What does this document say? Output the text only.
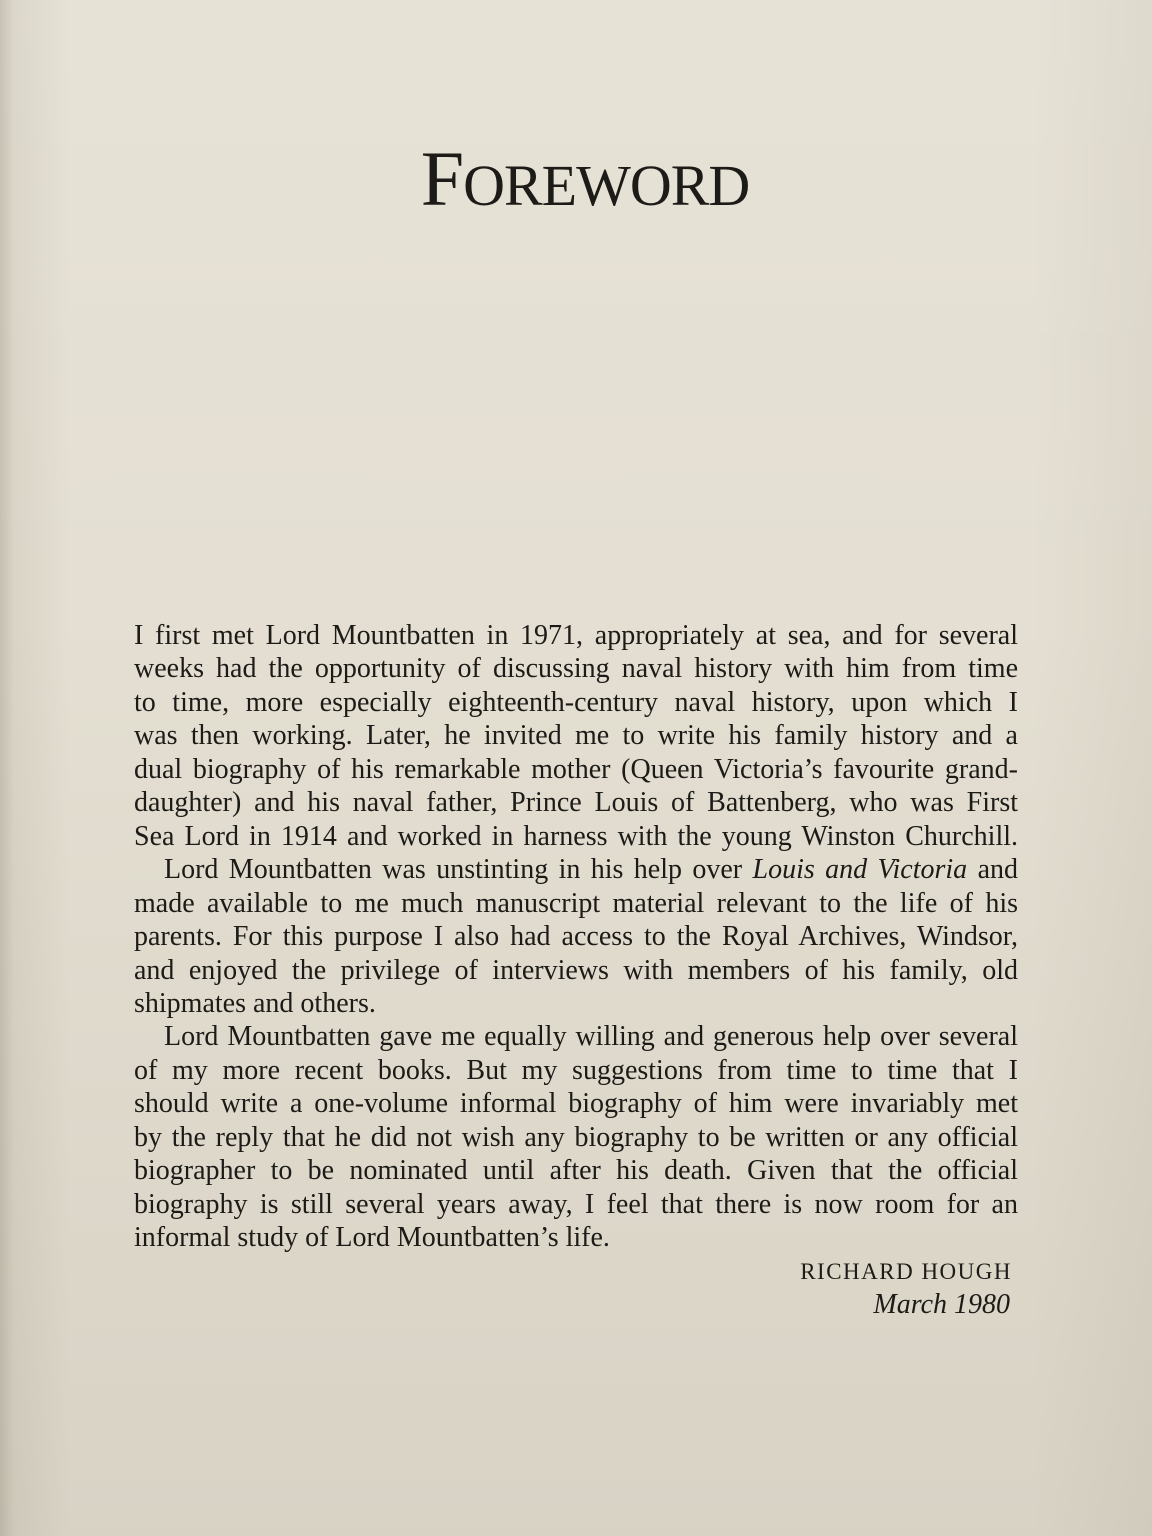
FOREWORD
I first met Lord Mountbatten in 1971, appropriately at sea, and for several
weeks had the opportunity of discussing naval history with him from time
to time, more especially eighteenth-century naval history, upon which I
was then working. Later, he invited me to write his family history and a
dual biography of his remarkable mother (Queen Victoria’s favourite grand-
daughter) and his naval father, Prince Louis of Battenberg, who was First
Sea Lord in 1914 and worked in harness with the young Winston Churchill.
Lord Mountbatten was unstinting in his help over Louis and Victoria and
made available to me much manuscript material relevant to the life of his
parents. For this purpose I also had access to the Royal Archives, Windsor,
and enjoyed the privilege of interviews with members of his family, old
shipmates and others.
Lord Mountbatten gave me equally willing and generous help over several
of my more recent books. But my suggestions from time to time that I
should write a one-volume informal biography of him were invariably met
by the reply that he did not wish any biography to be written or any official
biographer to be nominated until after his death. Given that the official
biography is still several years away, I feel that there is now room for an
informal study of Lord Mountbatten’s life.
RICHARD HOUGH
March 1980
